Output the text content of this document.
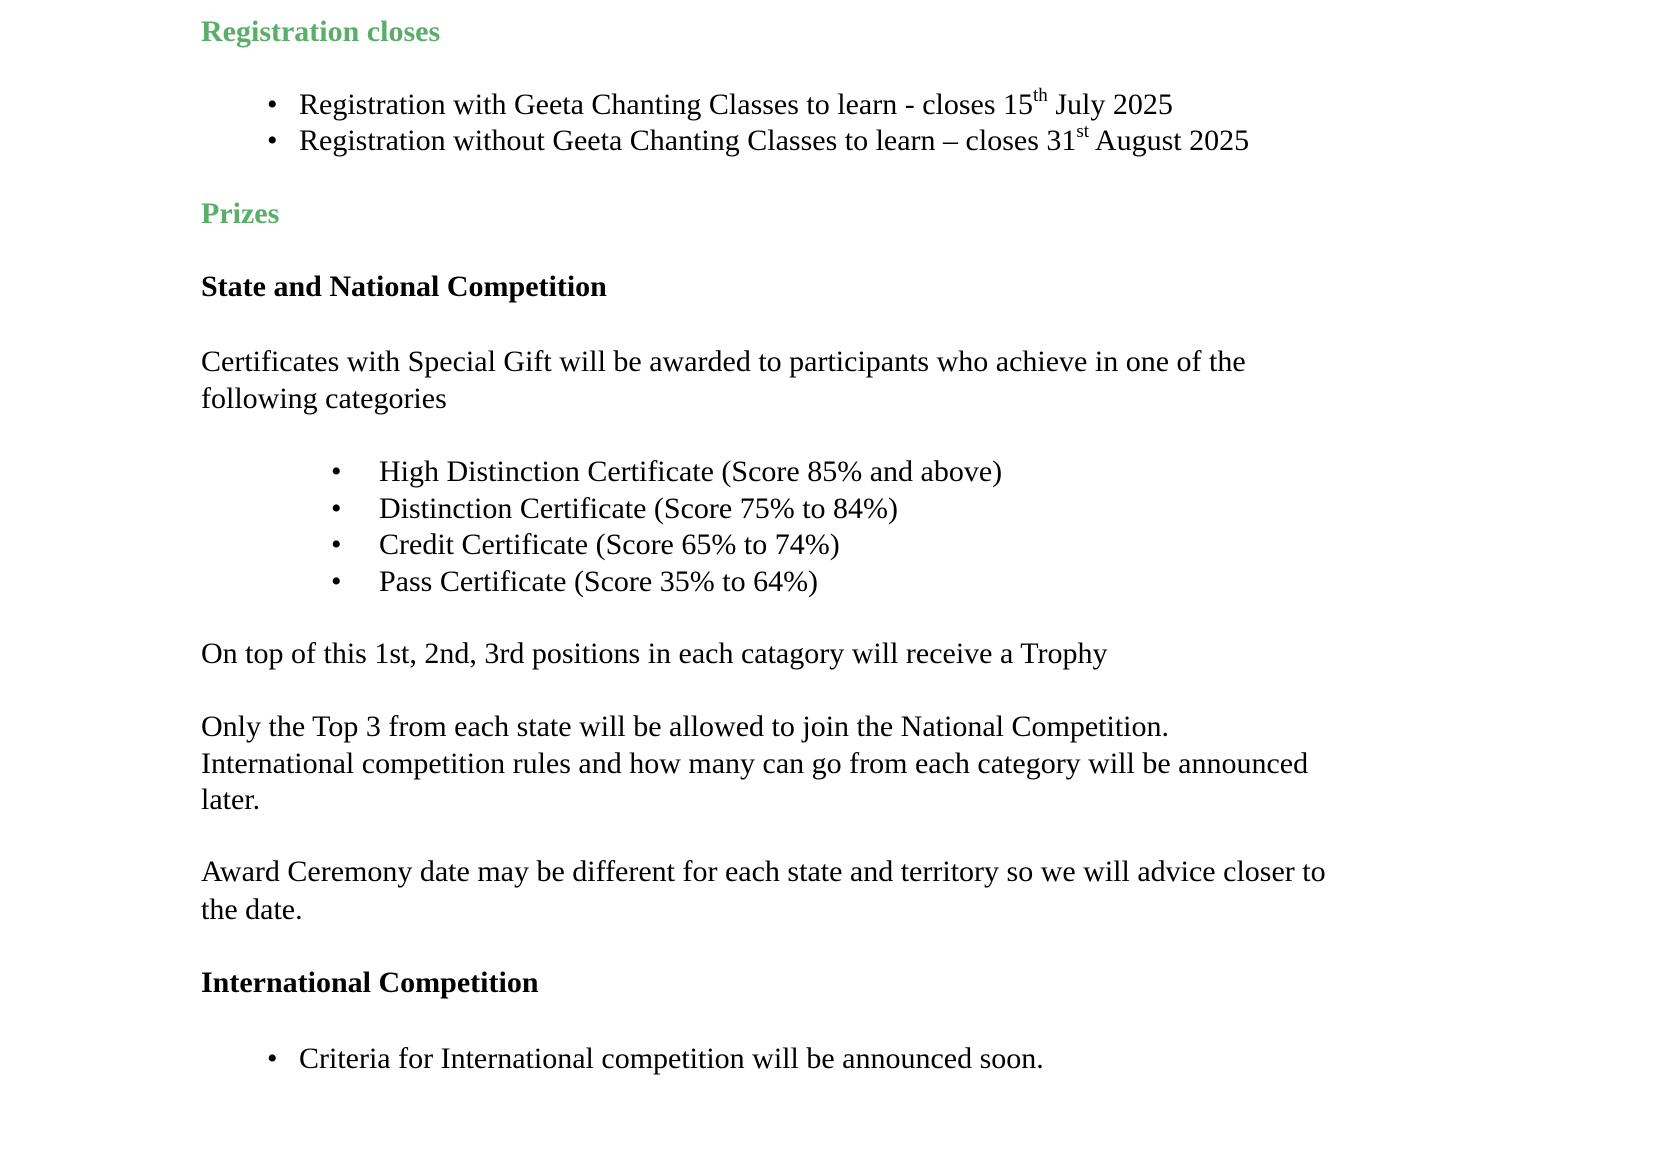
Registration closes
• Registration with Geeta Chanting Classes to learn - closes 15th July 2025
• Registration without Geeta Chanting Classes to learn – closes 31st August 2025
Prizes
State and National Competition
Certificates with Special Gift will be awarded to participants who achieve in one of the
following categories
• High Distinction Certificate (Score 85% and above)
• Distinction Certificate (Score 75% to 84%)
• Credit Certificate (Score 65% to 74%)
• Pass Certificate (Score 35% to 64%)
On top of this 1st, 2nd, 3rd positions in each catagory will receive a Trophy
Only the Top 3 from each state will be allowed to join the National Competition.
International competition rules and how many can go from each category will be announced
later.
Award Ceremony date may be different for each state and territory so we will advice closer to
the date.
International Competition
• Criteria for International competition will be announced soon.
